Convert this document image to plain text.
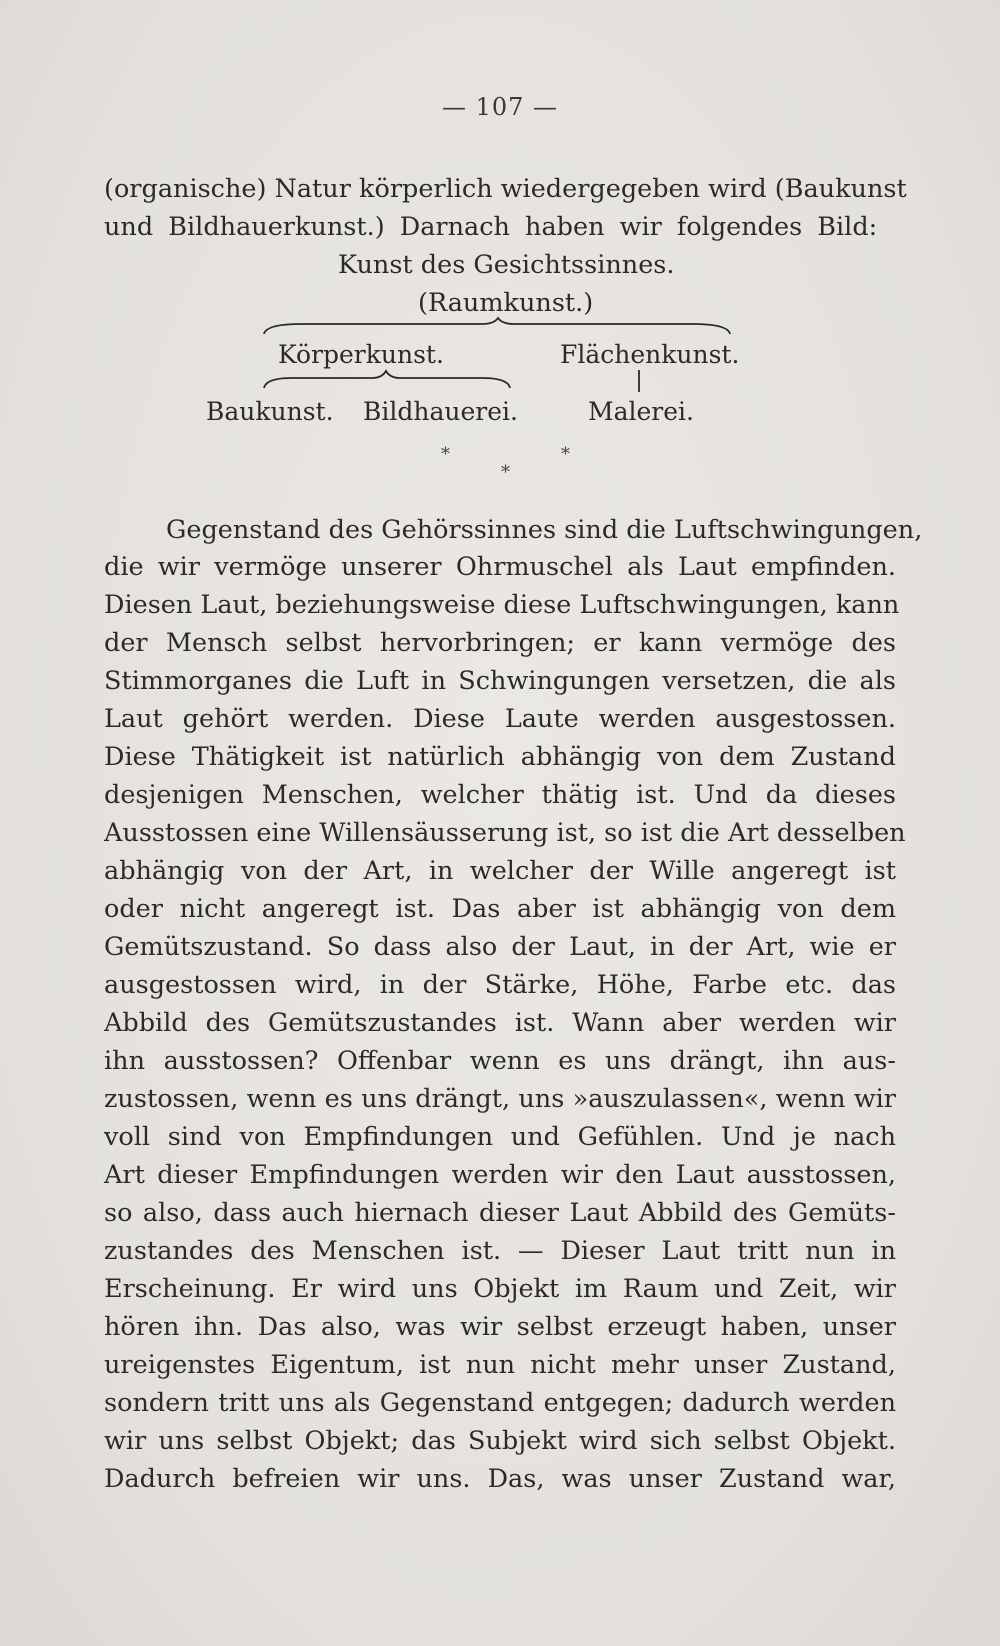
— 107 —
(organische) Natur körperlich wiedergegeben wird (Baukunst
und Bildhauerkunst.) Darnach haben wir folgendes Bild:
Kunst des Gesichtssinnes.
(Raumkunst.)
Körperkunst.	Flächenkunst.
Baukunst. Bildhauerei.	Malerei.
*	*
*
Gegenstand des Gehörssinnes sind die Luftschwingungen,
die wir vermöge unserer Ohrmuschel als Laut empfinden.
Diesen Laut, beziehungsweise diese Luftschwingungen, kann
der Mensch selbst hervorbringen; er kann vermöge des
Stimmorganes die Luft in Schwingungen versetzen, die als
Laut gehört werden. Diese Laute werden ausgestossen.
Diese Thätigkeit ist natürlich abhängig von dem Zustand
desjenigen Menschen, welcher thätig ist. Und da dieses
Ausstossen eine Willensäusserung ist, so ist die Art desselben
abhängig von der Art, in welcher der Wille angeregt ist
oder nicht angeregt ist. Das aber ist abhängig von dem
Gemütszustand. So dass also der Laut, in der Art, wie er
ausgestossen wird, in der Stärke, Höhe, Farbe etc. das
Abbild des Gemütszustandes ist. Wann aber werden wir
ihn ausstossen? Offenbar wenn es uns drängt, ihn aus-
zustossen, wenn es uns drängt, uns »auszulassen«, wenn wir
voll sind von Empfindungen und Gefühlen. Und je nach
Art dieser Empfindungen werden wir den Laut ausstossen,
so also, dass auch hiernach dieser Laut Abbild des Gemüts-
zustandes des Menschen ist. — Dieser Laut tritt nun in
Erscheinung. Er wird uns Objekt im Raum und Zeit, wir
hören ihn. Das also, was wir selbst erzeugt haben, unser
ureigenstes Eigentum, ist nun nicht mehr unser Zustand,
sondern tritt uns als Gegenstand entgegen; dadurch werden
wir uns selbst Objekt; das Subjekt wird sich selbst Objekt.
Dadurch befreien wir uns. Das, was unser Zustand war,
